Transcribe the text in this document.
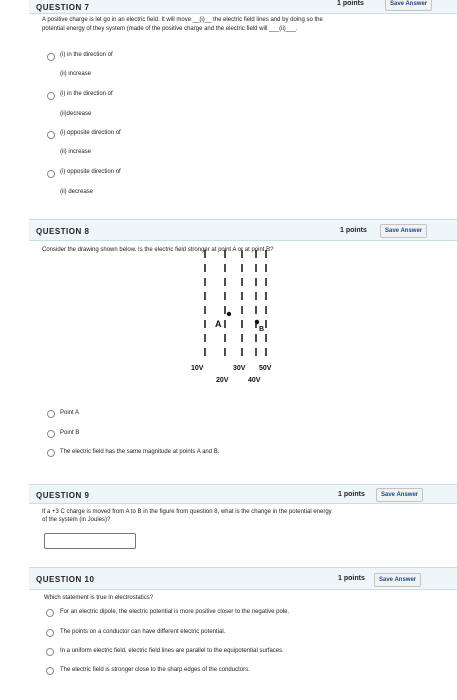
QUESTION 7	1 points	Save Answer
A positive charge is let go in an electric field. It will move __(i)__ the electric field lines and by doing so the
potential energy of they system (made of the positive charge and the electric field will ___(ii)___.
(i) in the direction of
(ii) increase
(i) in the direction of
(ii)decrease
(i) opposite direction of
(ii) increase
(i) opposite direction of
(ii) decrease
QUESTION 8	1 points	Save Answer
Consider the drawing shown below. Is the electric field stronger at point A or at point B?
A
B
10V	30V 50V
20V	40V
Point A
Point B
The electric field has the same magnitude at points A and B.
QUESTION 9	1 points	Save Answer
If a +3 C charge is moved from A to B in the figure from question 8, what is the change in the potential energy
of the system (in Joules)?
QUESTION 10	1 points	Save Answer
Which statement is true in electrostatics?
For an electric dipole, the electric potential is more positive closer to the negative pole.
The points on a conductor can have different electric potential.
In a uniform electric field, electric field lines are parallel to the equipotential surfaces.
The electric field is stronger close to the sharp edges of the conductors.
